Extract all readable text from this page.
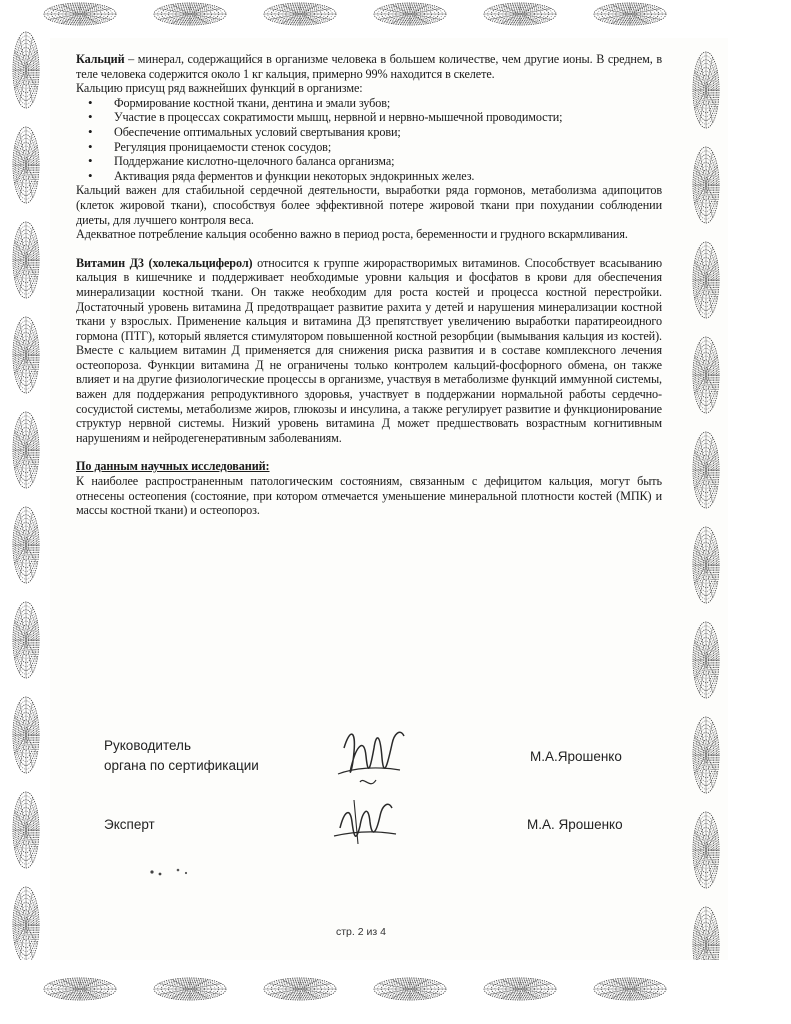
Кальций – минерал, содержащийся в организме человека в большем количестве, чем другие ионы. В среднем, в теле человека содержится около 1 кг кальция, примерно 99% находится в скелете.

Кальцию присущ ряд важнейших функций в организме:

• Формирование костной ткани, дентина и эмали зубов;
• Участие в процессах сократимости мышц, нервной и нервно-мышечной проводимости;
• Обеспечение оптимальных условий свертывания крови;
• Регуляция проницаемости стенок сосудов;
• Поддержание кислотно-щелочного баланса организма;
• Активация ряда ферментов и функции некоторых эндокринных желез.

Кальций важен для стабильной сердечной деятельности, выработки ряда гормонов, метаболизма адипоцитов (клеток жировой ткани), способствуя более эффективной потере жировой ткани при похудании соблюдении диеты, для лучшего контроля веса.

Адекватное потребление кальция особенно важно в период роста, беременности и грудного вскармливания.

Витамин Д3 (холекальциферол) относится к группе жирорастворимых витаминов. Способствует всасыванию кальция в кишечнике и поддерживает необходимые уровни кальция и фосфатов в крови для обеспечения минерализации костной ткани. Он также необходим для роста костей и процесса костной перестройки. Достаточный уровень витамина Д предотвращает развитие рахита у детей и нарушения минерализации костной ткани у взрослых. Применение кальция и витамина Д3 препятствует увеличению выработки паратиреоидного гормона (ПТГ), который является стимулятором повышенной костной резорбции (вымывания кальция из костей). Вместе с кальцием витамин Д применяется для снижения риска развития и в составе комплексного лечения остеопороза. Функции витамина Д не ограничены только контролем кальций-фосфорного обмена, он также влияет и на другие физиологические процессы в организме, участвуя в метаболизме функций иммунной системы, важен для поддержания репродуктивного здоровья, участвует в поддержании нормальной работы сердечно-сосудистой системы, метаболизме жиров, глюкозы и инсулина, а также регулирует развитие и функционирование структур нервной системы. Низкий уровень витамина Д может предшествовать возрастным когнитивным нарушениям и нейродегенеративным заболеваниям.

По данным научных исследований:

К наиболее распространенным патологическим состояниям, связанным с дефицитом кальция, могут быть отнесены остеопения (состояние, при котором отмечается уменьшение минеральной плотности костей (МПК) и массы костной ткани) и остеопороз.

Руководитель
органа по сертификации
М.А.Ярошенко
Эксперт	М.А. Ярошенко
стр. 2 из 4
